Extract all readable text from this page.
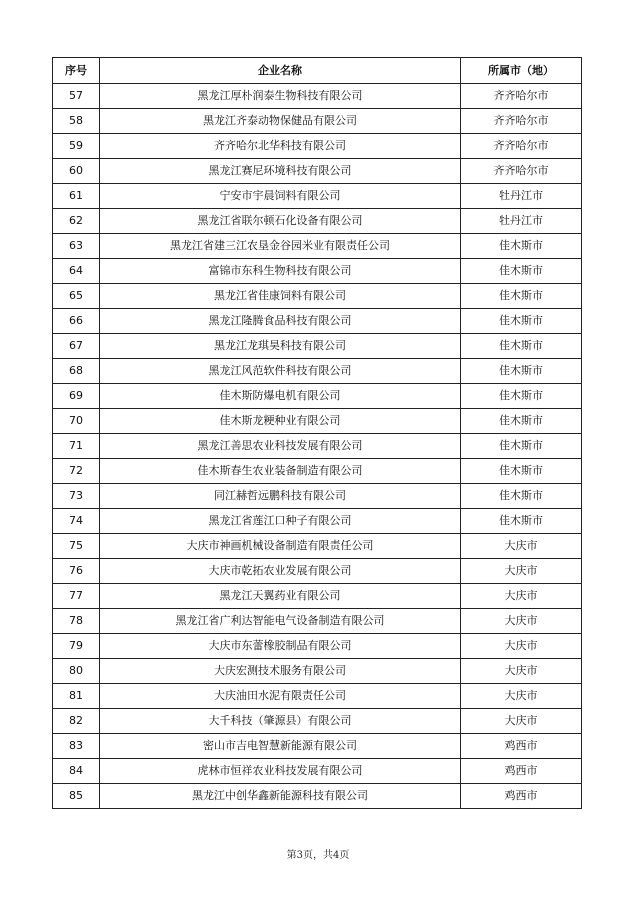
序号	企业名称	所属市（地）
57	黑龙江厚朴润泰生物科技有限公司	齐齐哈尔市
58	黑龙江齐泰动物保健品有限公司	齐齐哈尔市
59	齐齐哈尔北华科技有限公司	齐齐哈尔市
60	黑龙江赛尼环境科技有限公司	齐齐哈尔市
61	宁安市宇晨饲料有限公司	牡丹江市
62	黑龙江省联尔顿石化设备有限公司	牡丹江市
63	黑龙江省建三江农垦金谷园米业有限责任公司	佳木斯市
64	富锦市东科生物科技有限公司	佳木斯市
65	黑龙江省佳康饲料有限公司	佳木斯市
66	黑龙江隆腾食品科技有限公司	佳木斯市
67	黑龙江龙琪昊科技有限公司	佳木斯市
68	黑龙江风范软件科技有限公司	佳木斯市
69	佳木斯防爆电机有限公司	佳木斯市
70	佳木斯龙粳种业有限公司	佳木斯市
71	黑龙江善思农业科技发展有限公司	佳木斯市
72	佳木斯春生农业装备制造有限公司	佳木斯市
73	同江赫哲远鹏科技有限公司	佳木斯市
74	黑龙江省莲江口种子有限公司	佳木斯市
75	大庆市神画机械设备制造有限责任公司	大庆市
76	大庆市乾拓农业发展有限公司	大庆市
77	黑龙江天翼药业有限公司	大庆市
78	黑龙江省广利达智能电气设备制造有限公司	大庆市
79	大庆市东蕾橡胶制品有限公司	大庆市
80	大庆宏测技术服务有限公司	大庆市
81	大庆油田水泥有限责任公司	大庆市
82	大千科技（肇源县）有限公司	大庆市
83	密山市吉电智慧新能源有限公司	鸡西市
84	虎林市恒祥农业科技发展有限公司	鸡西市
85	黑龙江中创华鑫新能源科技有限公司	鸡西市
第3页，共4页
